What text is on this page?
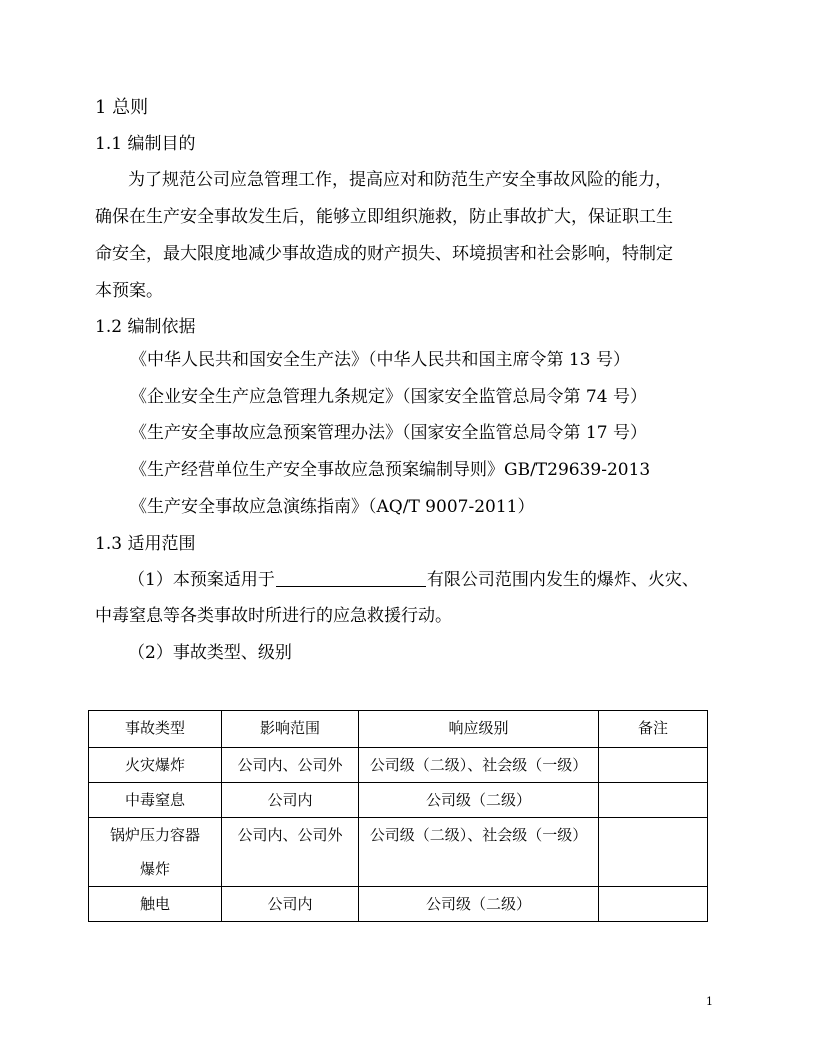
1 总则
1.1 编制目的
为了规范公司应急管理工作，提高应对和防范生产安全事故风险的能力，
确保在生产安全事故发生后，能够立即组织施救，防止事故扩大，保证职工生
命安全，最大限度地减少事故造成的财产损失、环境损害和社会影响，特制定
本预案。
1.2 编制依据
《中华人民共和国安全生产法》（中华人民共和国主席令第 13 号）
《企业安全生产应急管理九条规定》（国家安全监管总局令第 74 号）
《生产安全事故应急预案管理办法》（国家安全监管总局令第 17 号）
《生产经营单位生产安全事故应急预案编制导则》GB/T29639-2013
《生产安全事故应急演练指南》（AQ/T 9007-2011）
1.3 适用范围
（1）本预案适用于	有限公司范围内发生的爆炸、火灾、
中毒窒息等各类事故时所进行的应急救援行动。
（2）事故类型、级别
事故类型	影响范围	响应级别	备注
火灾爆炸	公司内、公司外	公司级（二级）、社会级（一级）	
中毒窒息	公司内	公司级（二级）	

锅炉压力容器
爆炸	公司内、公司外	公司级（二级）、社会级（一级）	
触电	公司内	公司级（二级）	
1
